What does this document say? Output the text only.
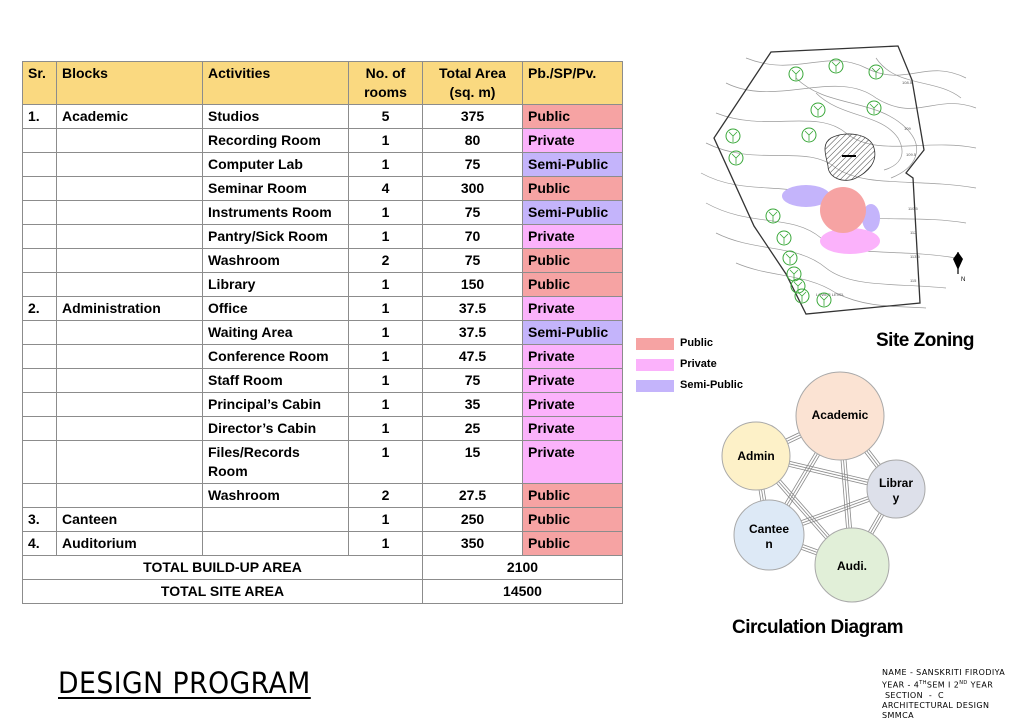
Sr.	Blocks	Activities	No. of rooms	Total Area (sq. m)	Pb./SP/Pv.
1.	Academic	Studios	5	375	Public
		Recording Room	1	80	Private
		Computer Lab	1	75	Semi-Public
		Seminar Room	4	300	Public
		Instruments Room	1	75	Semi-Public
		Pantry/Sick Room	1	70	Private
		Washroom	2	75	Public
		Library	1	150	Public
2.	Administration	Office	1	37.5	Private
		Waiting Area	1	37.5	Semi-Public
		Conference Room	1	47.5	Private
		Staff Room	1	75	Private
		Principal’s Cabin	1	35	Private
		Director’s Cabin	1	25	Private
		Files/Records Room	1	15	Private
		Washroom	2	27.5	Public
3.	Canteen		1	250	Public
4.	Auditorium		1	350	Public
TOTAL BUILD-UP AREA				2100	
TOTAL SITE AREA				14500	
108.5
109
109.5
110.5
112
113.5
115
LOWER LEVEL
N
Site Zoning
Public
Private
Semi-Public
Academic
Admin
Librar
y
Cantee
n
Audi.
Circulation Diagram
DESIGN PROGRAM	NAME - SANSKRITI FIRODIYA
YEAR - 4THSEM I 2ND YEAR
SECTION  -  C
ARCHITECTURAL DESIGN
SMMCA
